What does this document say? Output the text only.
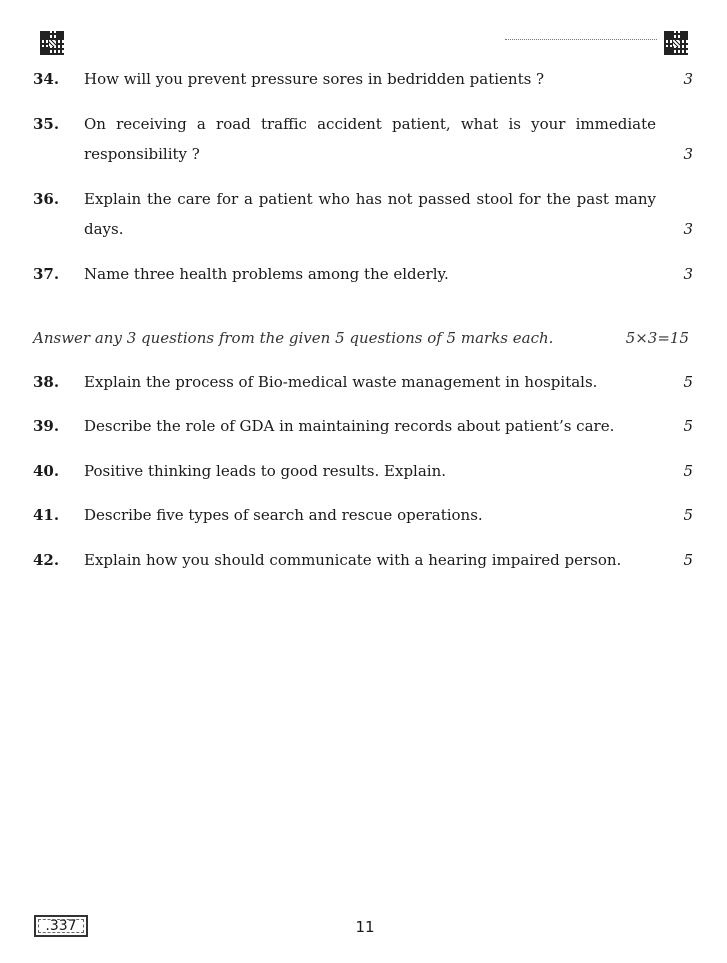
34. How will you prevent pressure sores in bedridden patients ?	3
35. On receiving a road traffic accident patient, what is your immediate responsibility ?	3
36. Explain the care for a patient who has not passed stool for the past many days.	3
37. Name three health problems among the elderly.	3
Answer any 3 questions from the given 5 questions of 5 marks each.	5×3=15
38. Explain the process of Bio-medical waste management in hospitals.	5
39. Describe the role of GDA in maintaining records about patient’s care.	5
40. Positive thinking leads to good results. Explain.	5
41. Describe five types of search and rescue operations.	5
42. Explain how you should communicate with a hearing impaired person.	5
.337	11
